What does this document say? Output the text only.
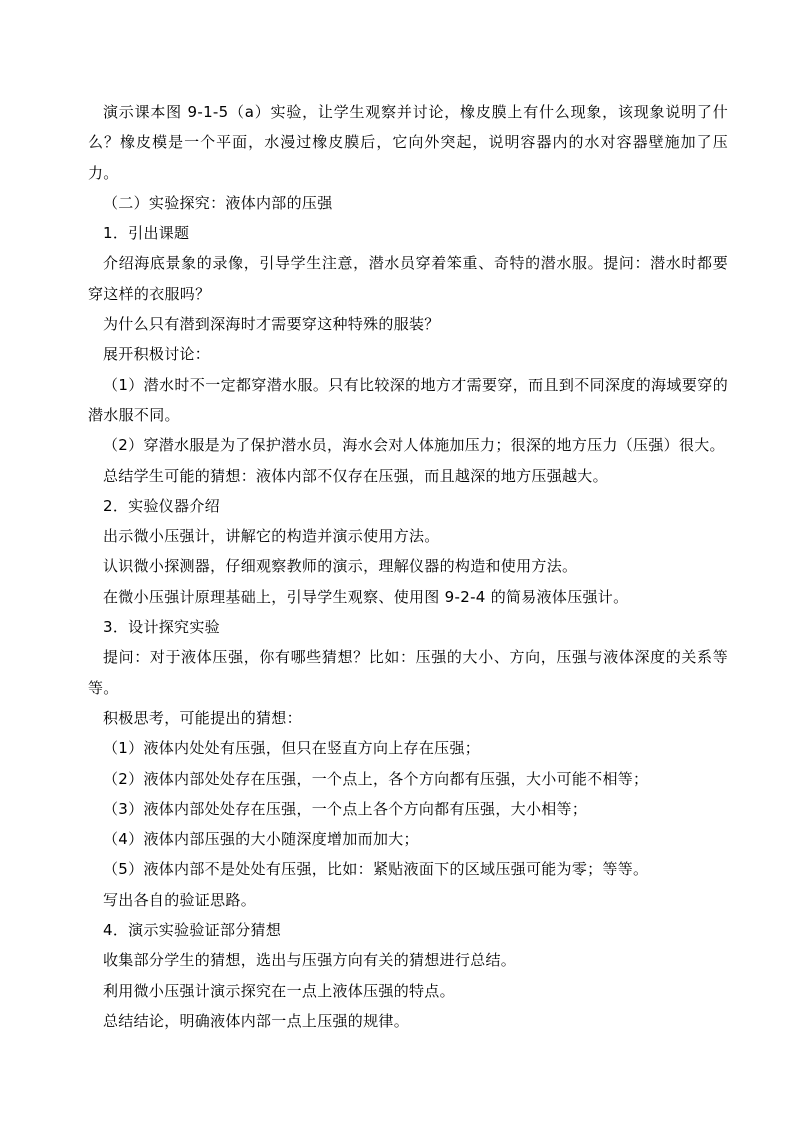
演示课本图 9-1-5（a）实验，让学生观察并讨论，橡皮膜上有什么现象，该现象说明了什么？橡皮模是一个平面，水漫过橡皮膜后，它向外突起，说明容器内的水对容器壁施加了压力。

（二）实验探究：液体内部的压强

1．引出课题

介绍海底景象的录像，引导学生注意，潜水员穿着笨重、奇特的潜水服。提问：潜水时都要穿这样的衣服吗？

为什么只有潜到深海时才需要穿这种特殊的服装？

展开积极讨论：

（1）潜水时不一定都穿潜水服。只有比较深的地方才需要穿，而且到不同深度的海域要穿的潜水服不同。

（2）穿潜水服是为了保护潜水员，海水会对人体施加压力；很深的地方压力（压强）很大。

总结学生可能的猜想：液体内部不仅存在压强，而且越深的地方压强越大。

2．实验仪器介绍

出示微小压强计，讲解它的构造并演示使用方法。

认识微小探测器，仔细观察教师的演示，理解仪器的构造和使用方法。

在微小压强计原理基础上，引导学生观察、使用图 9-2-4 的简易液体压强计。

3．设计探究实验

提问：对于液体压强，你有哪些猜想？比如：压强的大小、方向，压强与液体深度的关系等等。

积极思考，可能提出的猜想：

（1）液体内处处有压强，但只在竖直方向上存在压强；

（2）液体内部处处存在压强，一个点上，各个方向都有压强，大小可能不相等；

（3）液体内部处处存在压强，一个点上各个方向都有压强，大小相等；

（4）液体内部压强的大小随深度增加而加大；

（5）液体内部不是处处有压强，比如：紧贴液面下的区域压强可能为零；等等。

写出各自的验证思路。

4．演示实验验证部分猜想

收集部分学生的猜想，选出与压强方向有关的猜想进行总结。

利用微小压强计演示探究在一点上液体压强的特点。

总结结论，明确液体内部一点上压强的规律。
